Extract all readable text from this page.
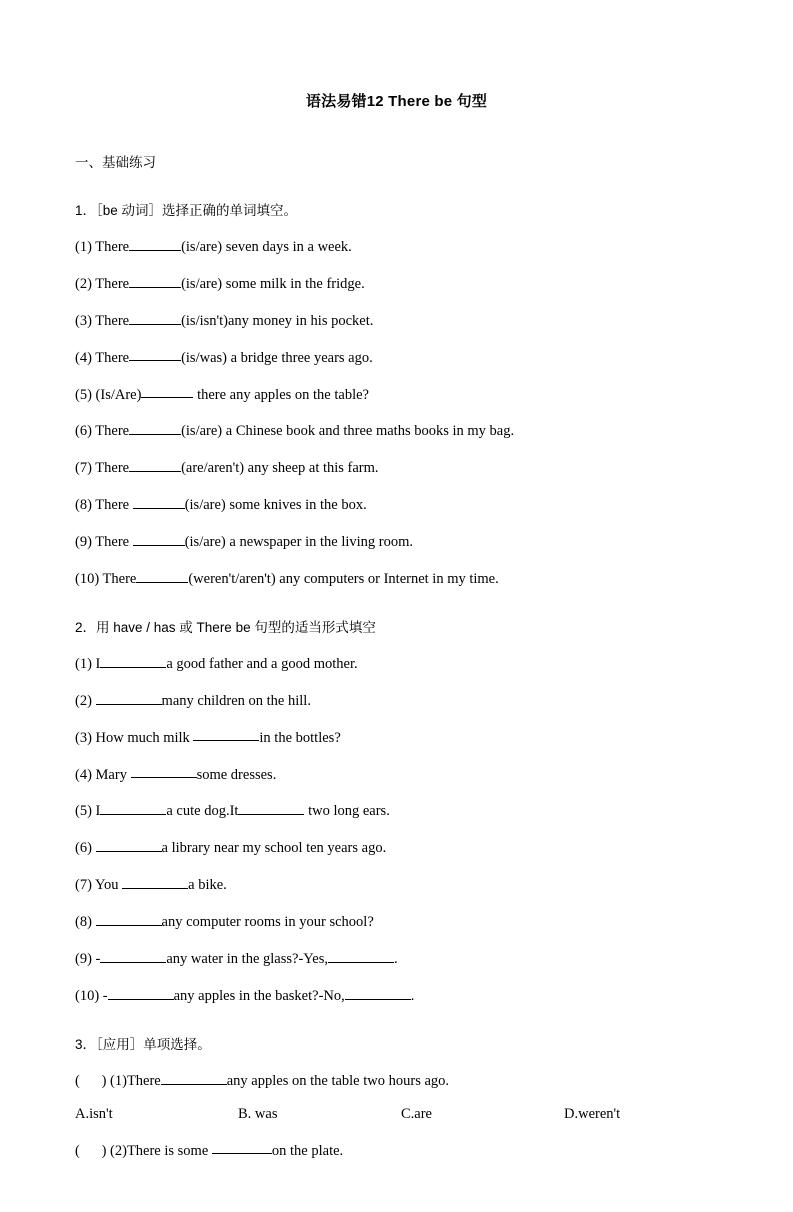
语法易错12 There be 句型
一、基础练习
1．［be 动词］选择正确的单词填空。
(1) There	(is/are) seven days in a week.
(2) There	(is/are) some milk in the fridge.
(3) There	(is/isn't)any money in his pocket.
(4) There	(is/was) a bridge three years ago.
(5) (Is/Are)	there any apples on the table?
(6) There	(is/are) a Chinese book and three maths books in my bag.
(7) There	(are/aren't) any sheep at this farm.
(8) There	(is/are) some knives in the box.
(9) There	(is/are) a newspaper in the living room.
(10) There	(weren't/aren't) any computers or Internet in my time.
2．用 have / has 或 There be 句型的适当形式填空
(1) I	a good father and a good mother.
(2)	many children on the hill.
(3) How much milk	in the bottles?
(4) Mary	some dresses.
(5) I	a cute dog.It	two long ears.
(6)	a library near my school ten years ago.
(7) You	a bike.
(8)	any computer rooms in your school?
(9) -	any water in the glass?-Yes,	.
(10) -	any apples in the basket?-No,	.
3．［应用］单项选择。
(      ) (1)There	any apples on the table two hours ago.
A.isn't	B. was	C.are	D.weren't
(      ) (2)There is some	on the plate.
